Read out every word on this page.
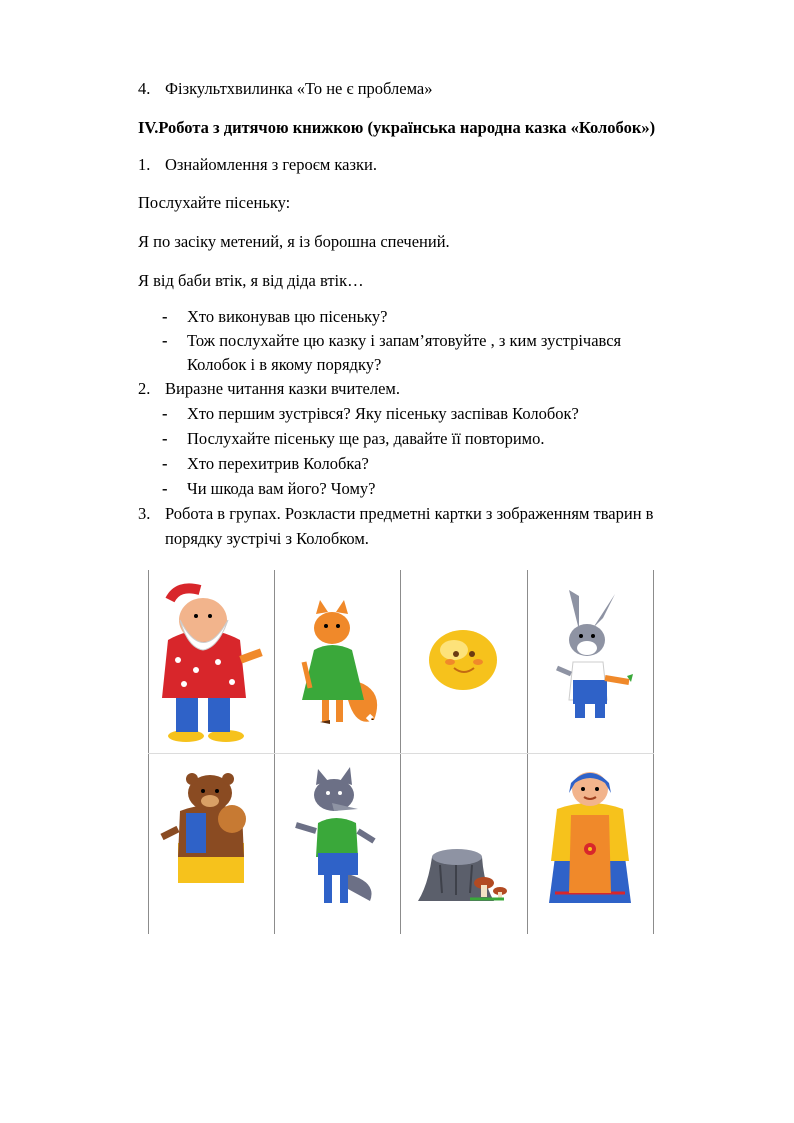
4. Фізкультхвилинка «То не є проблема»
IV.Робота з дитячою книжкою (українська народна казка «Колобок»)
1. Ознайомлення з героєм казки.
Послухайте пісеньку:
Я по засіку метений, я із борошна спечений.
Я від баби втік, я від діда втік…
- Хто виконував цю пісеньку?
- Тож послухайте цю казку і запам’ятовуйте , з ким зустрічався
Колобок і в якому порядку?
2. Виразне читання казки вчителем.
- Хто першим зустрівся? Яку пісеньку заспівав Колобок?
- Послухайте пісеньку ще раз, давайте її повторимо.
- Хто перехитрив Колобка?
- Чи шкода вам його? Чому?
3. Робота в групах. Розкласти предметні картки з зображенням тварин в
порядку зустрічі з Колобком.
